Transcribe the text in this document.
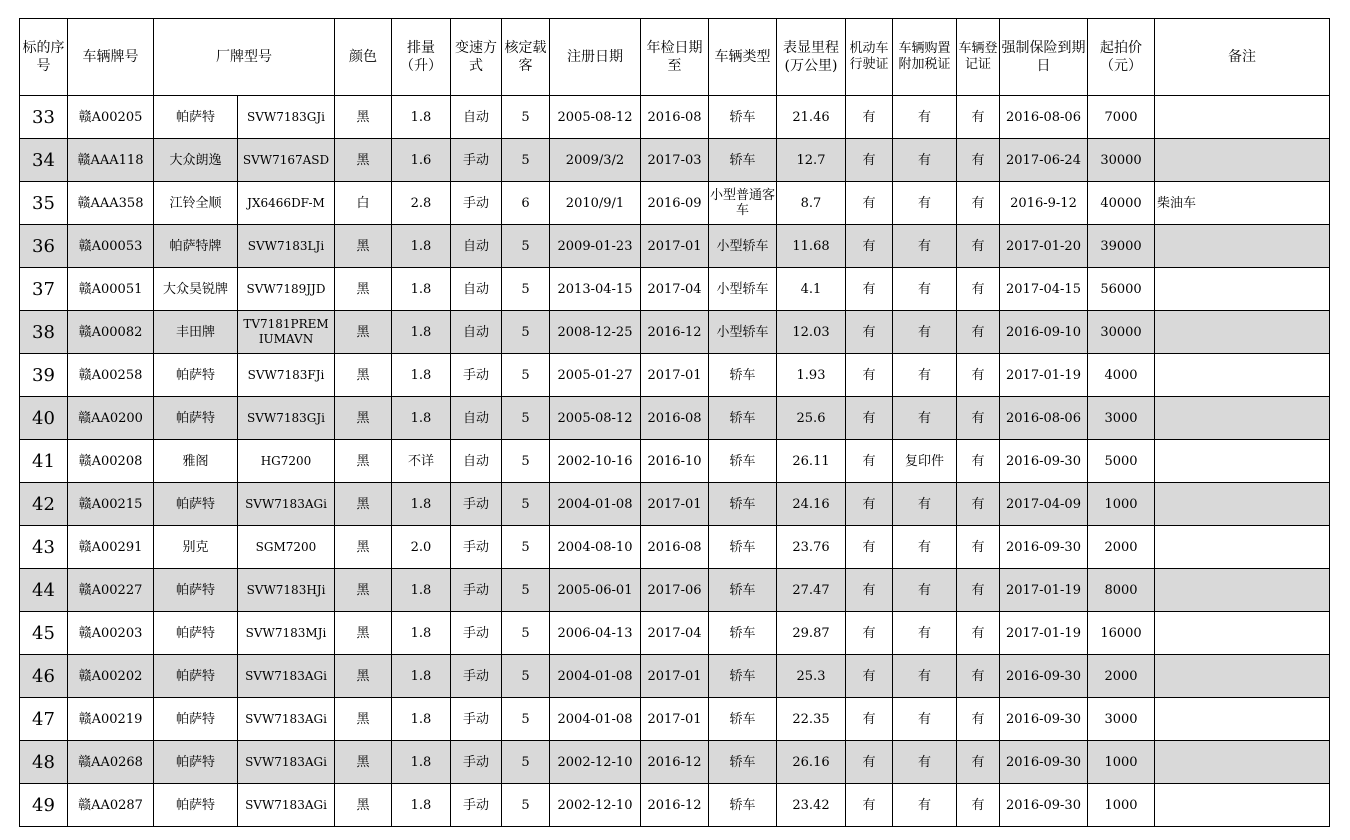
标的序号	车辆牌号	厂牌型号		颜色	排量（升）	变速方式	核定载客	注册日期	年检日期至	车辆类型	表显里程(万公里)	机动车行驶证	车辆购置附加税证	车辆登记证	强制保险到期日	起拍价（元）	备注
33	赣A00205	帕萨特	SVW7183GJi	黑	1.8	自动	5	2005-08-12	2016-08	轿车	21.46	有	有	有	2016-08-06	7000	
34	赣AAA118	大众朗逸	SVW7167ASD	黑	1.6	手动	5	2009/3/2	2017-03	轿车	12.7	有	有	有	2017-06-24	30000	
35	赣AAA358	江铃全顺	JX6466DF-M	白	2.8	手动	6	2010/9/1	2016-09	小型普通客车	8.7	有	有	有	2016-9-12	40000	柴油车
36	赣A00053	帕萨特牌	SVW7183LJi	黑	1.8	自动	5	2009-01-23	2017-01	小型轿车	11.68	有	有	有	2017-01-20	39000	
37	赣A00051	大众昊锐牌	SVW7189JJD	黑	1.8	自动	5	2013-04-15	2017-04	小型轿车	4.1	有	有	有	2017-04-15	56000	
38	赣A00082	丰田牌	TV7181PREMIUMAVN	黑	1.8	自动	5	2008-12-25	2016-12	小型轿车	12.03	有	有	有	2016-09-10	30000	
39	赣A00258	帕萨特	SVW7183FJi	黑	1.8	手动	5	2005-01-27	2017-01	轿车	1.93	有	有	有	2017-01-19	4000	
40	赣AA0200	帕萨特	SVW7183GJi	黑	1.8	自动	5	2005-08-12	2016-08	轿车	25.6	有	有	有	2016-08-06	3000	
41	赣A00208	雅阁	HG7200	黑	不详	自动	5	2002-10-16	2016-10	轿车	26.11	有	复印件	有	2016-09-30	5000	
42	赣A00215	帕萨特	SVW7183AGi	黑	1.8	手动	5	2004-01-08	2017-01	轿车	24.16	有	有	有	2017-04-09	1000	
43	赣A00291	别克	SGM7200	黑	2.0	手动	5	2004-08-10	2016-08	轿车	23.76	有	有	有	2016-09-30	2000	
44	赣A00227	帕萨特	SVW7183HJi	黑	1.8	手动	5	2005-06-01	2017-06	轿车	27.47	有	有	有	2017-01-19	8000	
45	赣A00203	帕萨特	SVW7183MJi	黑	1.8	手动	5	2006-04-13	2017-04	轿车	29.87	有	有	有	2017-01-19	16000	
46	赣A00202	帕萨特	SVW7183AGi	黑	1.8	手动	5	2004-01-08	2017-01	轿车	25.3	有	有	有	2016-09-30	2000	
47	赣A00219	帕萨特	SVW7183AGi	黑	1.8	手动	5	2004-01-08	2017-01	轿车	22.35	有	有	有	2016-09-30	3000	
48	赣AA0268	帕萨特	SVW7183AGi	黑	1.8	手动	5	2002-12-10	2016-12	轿车	26.16	有	有	有	2016-09-30	1000	
49	赣AA0287	帕萨特	SVW7183AGi	黑	1.8	手动	5	2002-12-10	2016-12	轿车	23.42	有	有	有	2016-09-30	1000	
